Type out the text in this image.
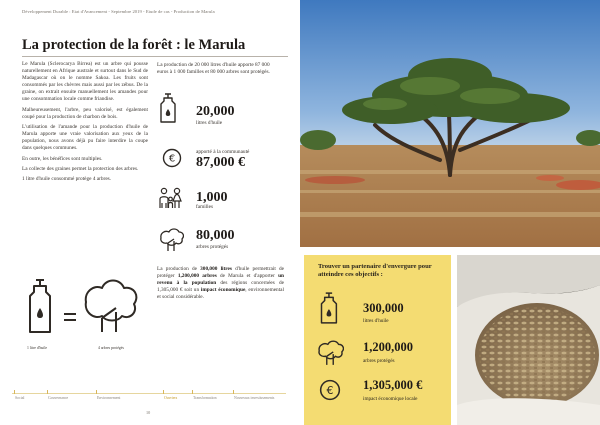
Développement Durable : Etat d'Avancement - Septembre 2019 - Etude de cas - Production de Marula
La protection de la forêt : le Marula

Le Marula (Sclerocarya Birrea) est un arbre qui pousse naturellement en Afrique australe et surtout dans le Sud de Madagascar où on le nomme Sakoa. Les fruits sont consommés par les chèvres mais aussi par les zébus. De la graine, on extrait ensuite manuellement les amandes pour une consommation locale comme friandise.

Malheureusement, l'arbre, peu valorisé, est également coupé pour la production de charbon de bois.

L'utilisation de l'amande pour la production d'huile de Marula apporte une vraie valorisation aux yeux de la population, nous avons déjà pu faire interdire la coupe dans quelques communes.

En outre, les bénéfices sont multiples.

La collecte des graines permet la protection des arbres.

1 litre d'huile consommé protège 4 arbres.

1 litre d'huile	4 arbres protégés
La production de 20 000 litres d'huile apporte 87 000 euros à 1 000 familles et 80 000 arbres sont protégés.
20,000
litres d'huile
€
apporté à la communauté
87,000 €
1,000
familles
80,000
arbres protégés
La production de 300,000 litres d'huile permettrait de protéger 1,200,000 arbres de Marula et d'apporter un revenu à la population des régions concernées de 1,305,000 € soit un impact économique, environnemental et social considérable.
Social	Gouvernance	Environnement	Ouvriers	Transformation	Nouveaux investissements
10
Trouver un partenaire d'envergure pour atteindre ces objectifs :
300,000
litres d'huile
1,200,000
arbres protégés
€ 1,305,000 €
impact économique locale
